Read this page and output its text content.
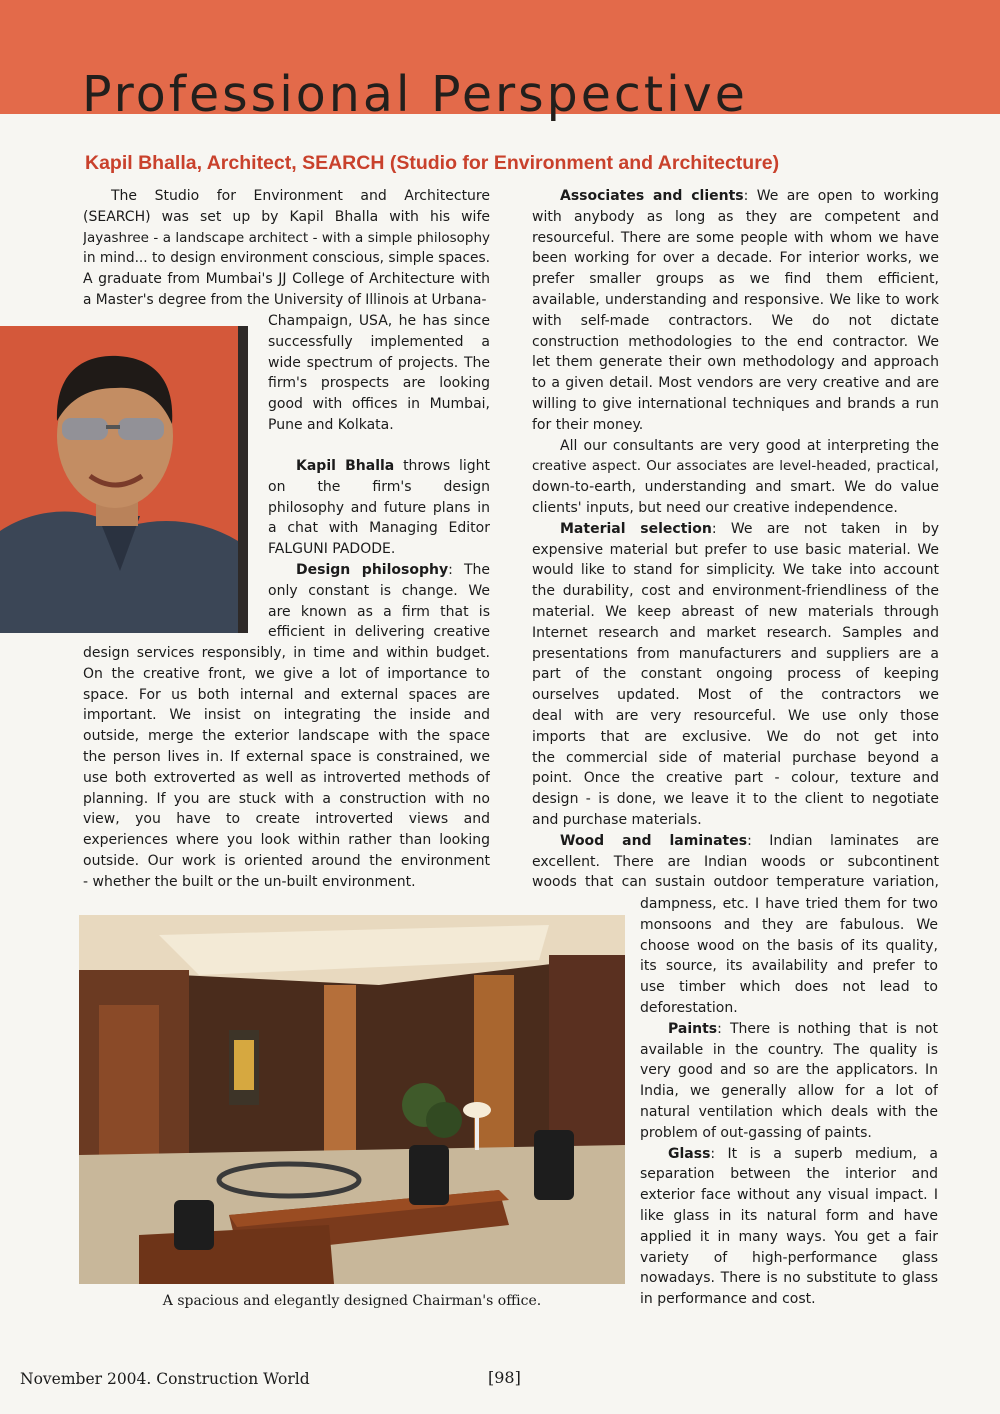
Professional Perspective
Kapil Bhalla, Architect, SEARCH (Studio for Environment and Architecture)
The Studio for Environment and Architecture
(SEARCH) was set up by Kapil Bhalla with his wife
Jayashree - a landscape architect - with a simple philosophy
in mind... to design environment conscious, simple spaces.
A graduate from Mumbai's JJ College of Architecture with
a Master's degree from the University of Illinois at Urbana-
Champaign, USA, he has since
successfully implemented a
wide spectrum of projects. The
firm's prospects are looking
good with offices in Mumbai,
Pune and Kolkata.
Kapil Bhalla throws light
on the firm's design
philosophy and future plans in
a chat with Managing Editor
FALGUNI PADODE.
Design philosophy: The
only constant is change. We
are known as a firm that is
efficient in delivering creative
design services responsibly, in time and within budget.
On the creative front, we give a lot of importance to
space. For us both internal and external spaces are
important. We insist on integrating the inside and
outside, merge the exterior landscape with the space
the person lives in. If external space is constrained, we
use both extroverted as well as introverted methods of
planning. If you are stuck with a construction with no
view, you have to create introverted views and
experiences where you look within rather than looking
outside. Our work is oriented around the environment
- whether the built or the un-built environment.

A spacious and elegantly designed Chairman's office.

Associates and clients: We are open to working
with anybody as long as they are competent and
resourceful. There are some people with whom we have
been working for over a decade. For interior works, we
prefer smaller groups as we find them efficient,
available, understanding and responsive. We like to work
with self-made contractors. We do not dictate
construction methodologies to the end contractor. We
let them generate their own methodology and approach
to a given detail. Most vendors are very creative and are
willing to give international techniques and brands a run
for their money.
All our consultants are very good at interpreting the
creative aspect. Our associates are level-headed, practical,
down-to-earth, understanding and smart. We do value
clients' inputs, but need our creative independence.
Material selection: We are not taken in by
expensive material but prefer to use basic material. We
would like to stand for simplicity. We take into account
the durability, cost and environment-friendliness of the
material. We keep abreast of new materials through
Internet research and market research. Samples and
presentations from manufacturers and suppliers are a
part of the constant ongoing process of keeping
ourselves updated. Most of the contractors we
deal with are very resourceful. We use only those
imports that are exclusive. We do not get into
the commercial side of material purchase beyond a
point. Once the creative part - colour, texture and
design - is done, we leave it to the client to negotiate
and purchase materials.
Wood and laminates: Indian laminates are
excellent. There are Indian woods or subcontinent
woods that can sustain outdoor temperature variation,
dampness, etc. I have tried them for two
monsoons and they are fabulous. We
choose wood on the basis of its quality,
its source, its availability and prefer to
use timber which does not lead to
deforestation.
Paints: There is nothing that is not
available in the country. The quality is
very good and so are the applicators. In
India, we generally allow for a lot of
natural ventilation which deals with the
problem of out-gassing of paints.
Glass: It is a superb medium, a
separation between the interior and
exterior face without any visual impact. I
like glass in its natural form and have
applied it in many ways. You get a fair
variety of high-performance glass
nowadays. There is no substitute to glass
in performance and cost.

November 2004. Construction World	[98]
